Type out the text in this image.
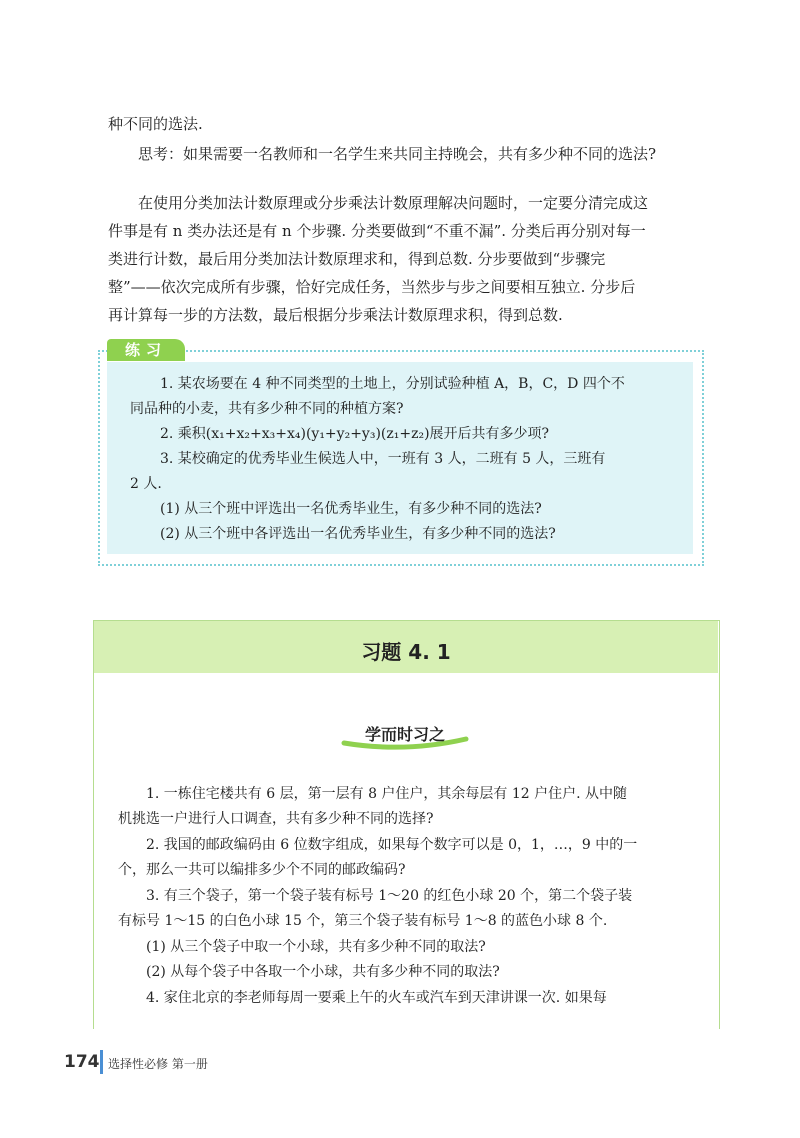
种不同的选法.
思考：如果需要一名教师和一名学生来共同主持晚会，共有多少种不同的选法?
在使用分类加法计数原理或分步乘法计数原理解决问题时，一定要分清完成这
件事是有 n 类办法还是有 n 个步骤. 分类要做到“不重不漏”. 分类后再分别对每一
类进行计数，最后用分类加法计数原理求和，得到总数. 分步要做到“步骤完
整”——依次完成所有步骤，恰好完成任务，当然步与步之间要相互独立. 分步后
再计算每一步的方法数，最后根据分步乘法计数原理求积，得到总数.
练习
1. 某农场要在 4 种不同类型的土地上，分别试验种植 A，B，C，D 四个不
同品种的小麦，共有多少种不同的种植方案?
2. 乘积(x₁+x₂+x₃+x₄)(y₁+y₂+y₃)(z₁+z₂)展开后共有多少项?
3. 某校确定的优秀毕业生候选人中，一班有 3 人，二班有 5 人，三班有
2 人.
(1) 从三个班中评选出一名优秀毕业生，有多少种不同的选法?
(2) 从三个班中各评选出一名优秀毕业生，有多少种不同的选法?
习题 4. 1
学而时习之
1. 一栋住宅楼共有 6 层，第一层有 8 户住户，其余每层有 12 户住户. 从中随
机挑选一户进行人口调查，共有多少种不同的选择?
2. 我国的邮政编码由 6 位数字组成，如果每个数字可以是 0，1，…，9 中的一
个，那么一共可以编排多少个不同的邮政编码?
3. 有三个袋子，第一个袋子装有标号 1～20 的红色小球 20 个，第二个袋子装
有标号 1～15 的白色小球 15 个，第三个袋子装有标号 1～8 的蓝色小球 8 个.
(1) 从三个袋子中取一个小球，共有多少种不同的取法?
(2) 从每个袋子中各取一个小球，共有多少种不同的取法?
4. 家住北京的李老师每周一要乘上午的火车或汽车到天津讲课一次. 如果每
174 选择性必修 第一册
